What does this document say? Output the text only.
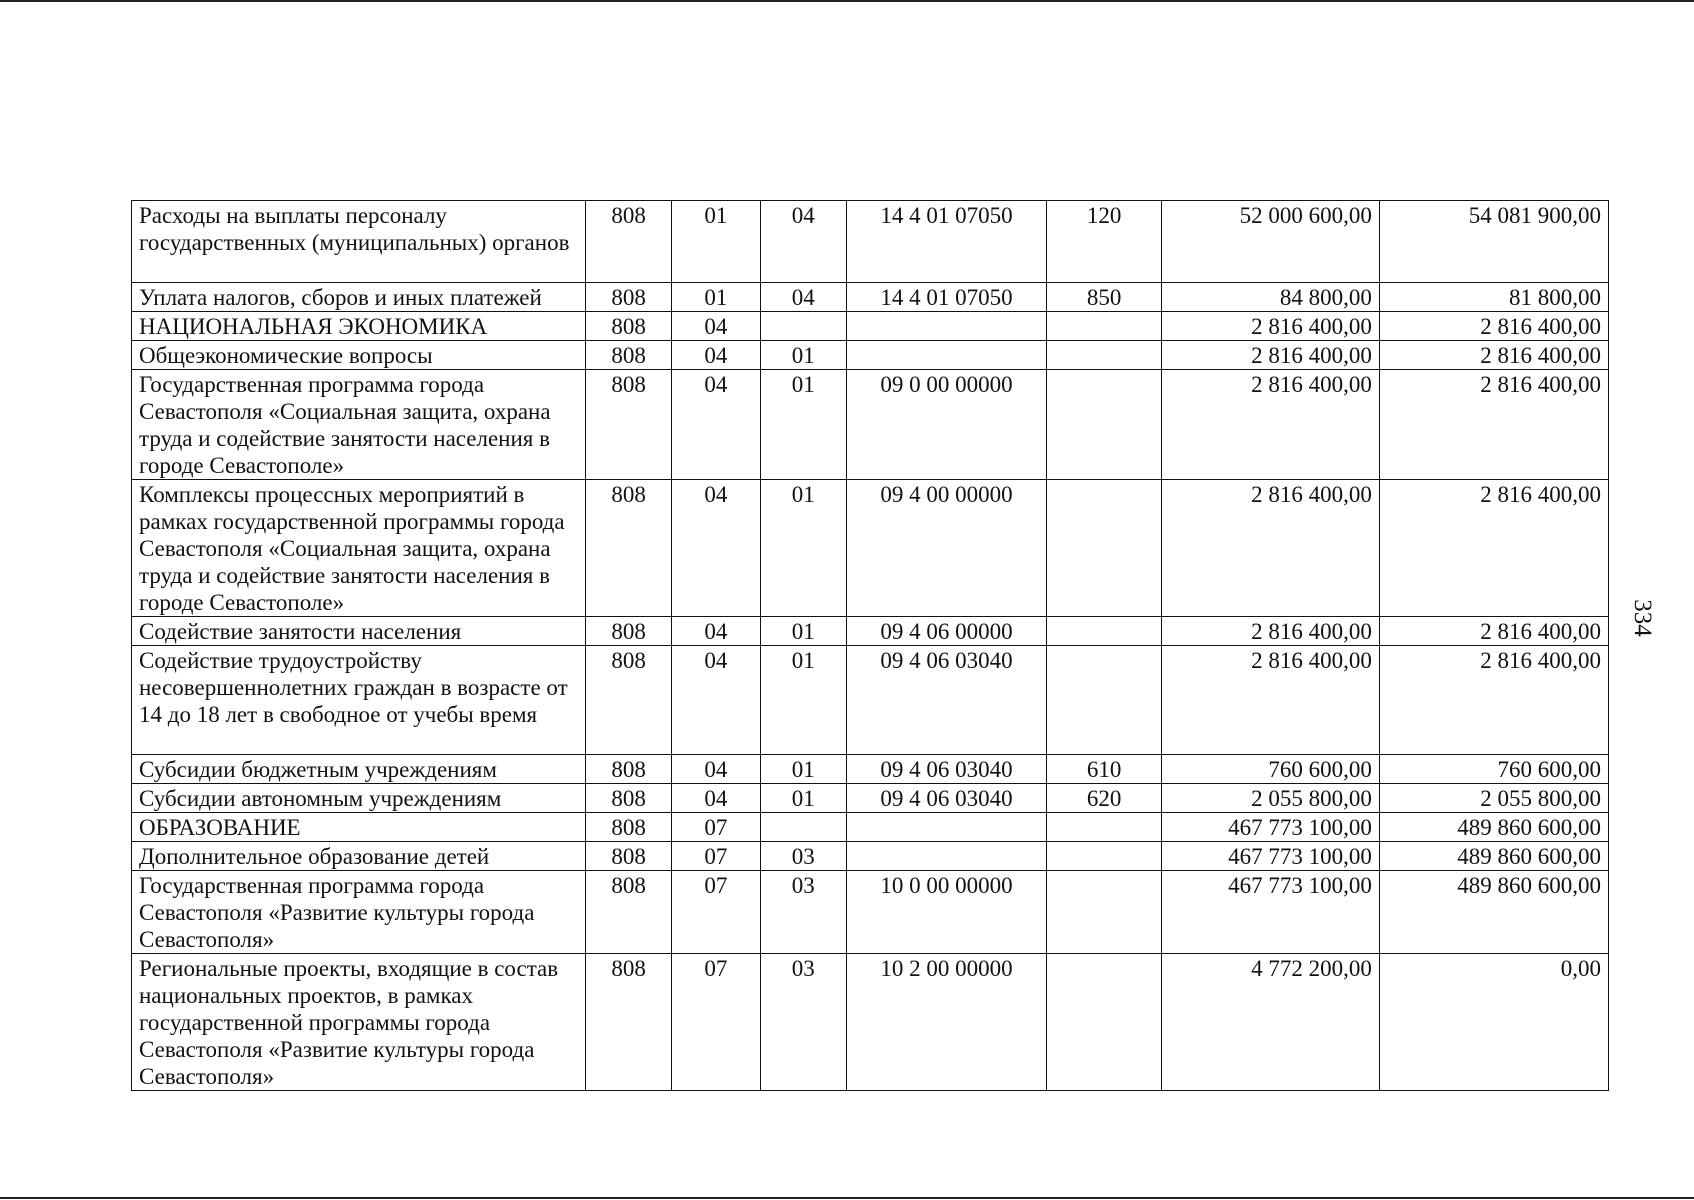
Расходы на выплаты персоналу государственных (муниципальных) органов	808	01	04	14 4 01 07050	120	52 000 600,00	54 081 900,00
Уплата налогов, сборов и иных платежей	808	01	04	14 4 01 07050	850	84 800,00	81 800,00
НАЦИОНАЛЬНАЯ ЭКОНОМИКА	808	04				2 816 400,00	2 816 400,00
Общеэкономические вопросы	808	04	01			2 816 400,00	2 816 400,00
Государственная программа города Севастополя «Социальная защита, охрана труда и содействие занятости населения в городе Севастополе»	808	04	01	09 0 00 00000		2 816 400,00	2 816 400,00
Комплексы процессных мероприятий в рамках государственной программы города Севастополя «Социальная защита, охрана труда и содействие занятости населения в городе Севастополе»	808	04	01	09 4 00 00000		2 816 400,00	2 816 400,00
Содействие занятости населения	808	04	01	09 4 06 00000		2 816 400,00	2 816 400,00
Содействие трудоустройству несовершеннолетних граждан в возрасте от 14 до 18 лет в свободное от учебы время	808	04	01	09 4 06 03040		2 816 400,00	2 816 400,00
Субсидии бюджетным учреждениям	808	04	01	09 4 06 03040	610	760 600,00	760 600,00
Субсидии автономным учреждениям	808	04	01	09 4 06 03040	620	2 055 800,00	2 055 800,00
ОБРАЗОВАНИЕ	808	07				467 773 100,00	489 860 600,00
Дополнительное образование детей	808	07	03			467 773 100,00	489 860 600,00
Государственная программа города Севастополя «Развитие культуры города Севастополя»	808	07	03	10 0 00 00000		467 773 100,00	489 860 600,00
Региональные проекты, входящие в состав национальных проектов, в рамках государственной программы города Севастополя «Развитие культуры города Севастополя»	808	07	03	10 2 00 00000		4 772 200,00	0,00
334
